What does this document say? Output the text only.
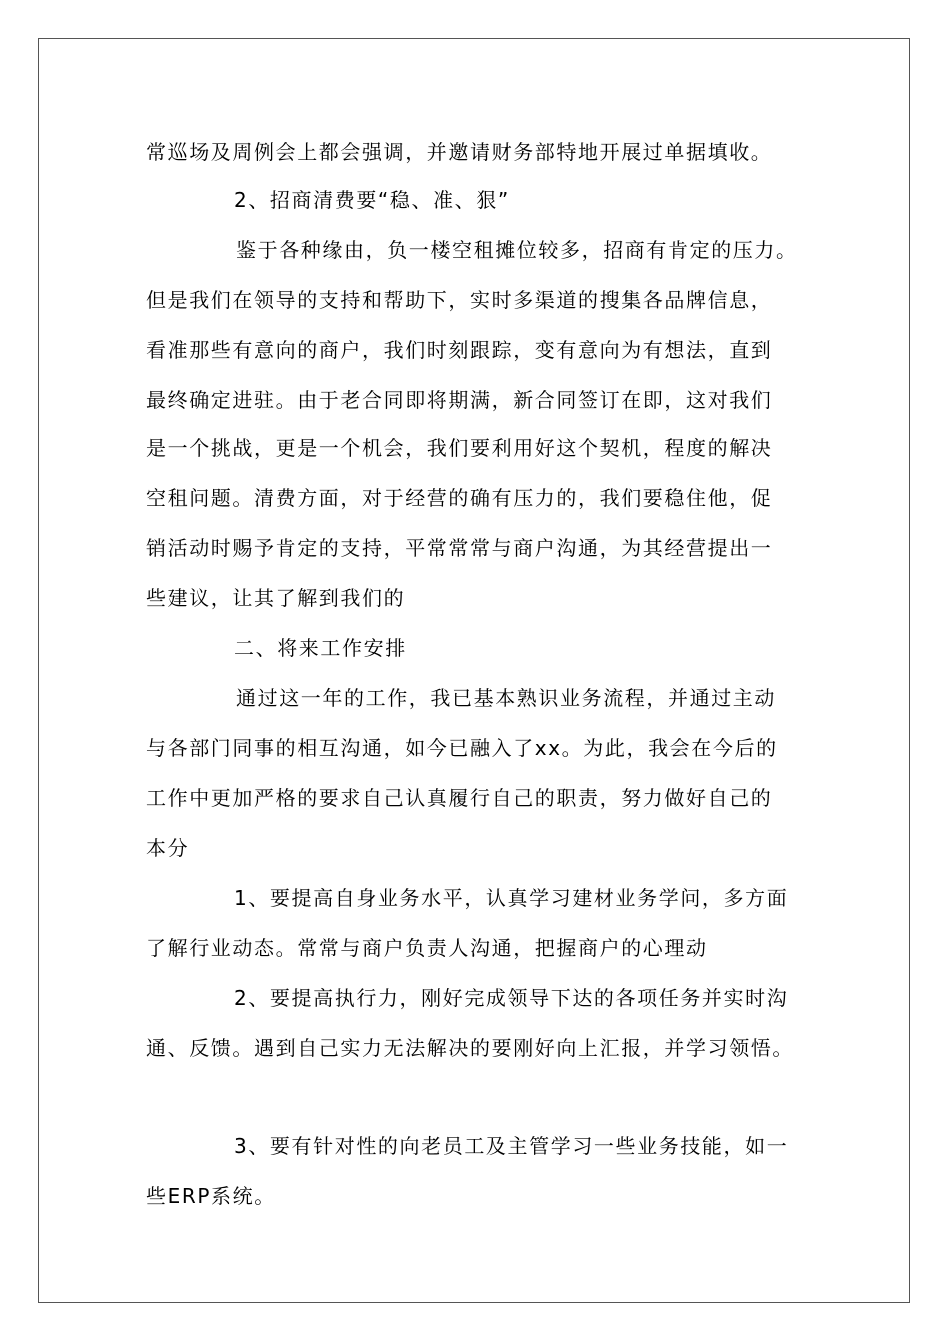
常巡场及周例会上都会强调，并邀请财务部特地开展过单据填收。
2、招商清费要“稳、准、狠”
鉴于各种缘由，负一楼空租摊位较多，招商有肯定的压力。
但是我们在领导的支持和帮助下，实时多渠道的搜集各品牌信息，
看准那些有意向的商户，我们时刻跟踪，变有意向为有想法，直到
最终确定进驻。由于老合同即将期满，新合同签订在即，这对我们
是一个挑战，更是一个机会，我们要利用好这个契机，程度的解决
空租问题。清费方面，对于经营的确有压力的，我们要稳住他，促
销活动时赐予肯定的支持，平常常常与商户沟通，为其经营提出一
些建议，让其了解到我们的
二、将来工作安排
通过这一年的工作，我已基本熟识业务流程，并通过主动
与各部门同事的相互沟通，如今已融入了xx。为此，我会在今后的
工作中更加严格的要求自己认真履行自己的职责，努力做好自己的
本分
1、要提高自身业务水平，认真学习建材业务学问，多方面
了解行业动态。常常与商户负责人沟通，把握商户的心理动
2、要提高执行力，刚好完成领导下达的各项任务并实时沟
通、反馈。遇到自己实力无法解决的要刚好向上汇报，并学习领悟。
3、要有针对性的向老员工及主管学习一些业务技能，如一
些ERP系统。
